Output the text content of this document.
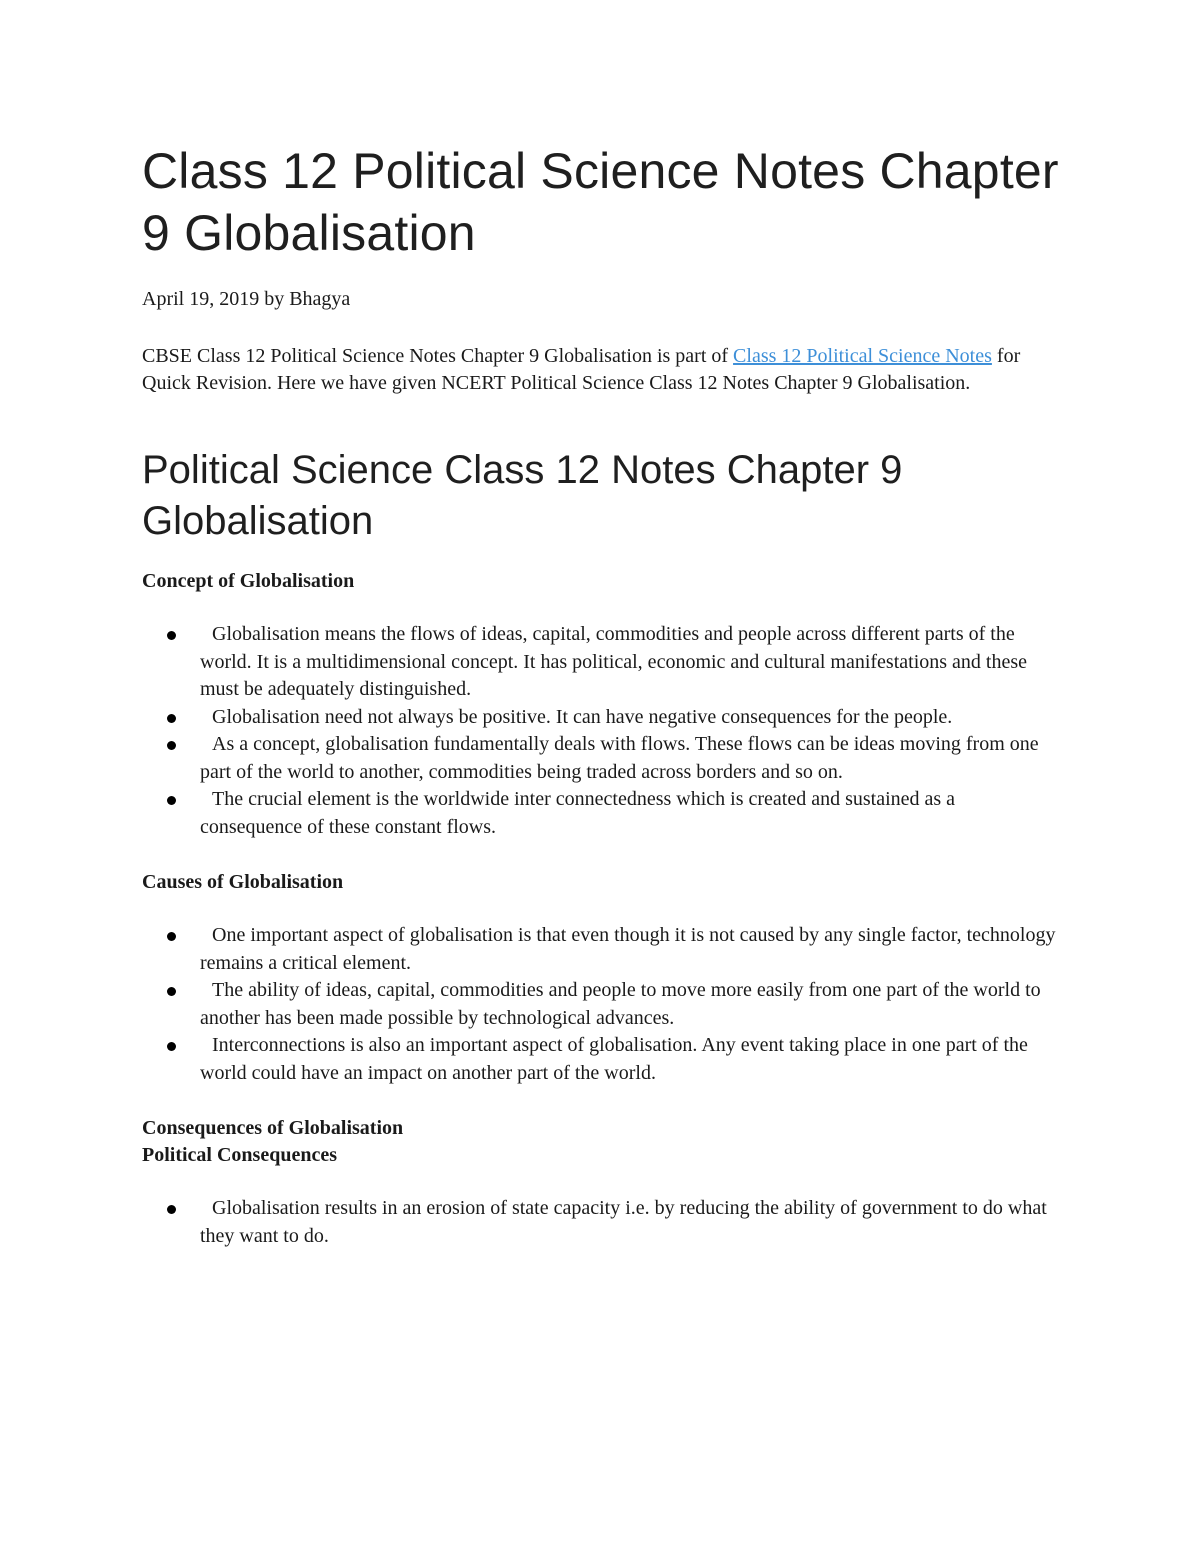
Class 12 Political Science Notes Chapter 9 Globalisation

April 19, 2019 by Bhagya

CBSE Class 12 Political Science Notes Chapter 9 Globalisation is part of Class 12 Political Science Notes for Quick Revision. Here we have given NCERT Political Science Class 12 Notes Chapter 9 Globalisation.

Political Science Class 12 Notes Chapter 9 Globalisation
Concept of Globalisation
Globalisation means the flows of ideas, capital, commodities and people across different parts of the world. It is a multidimensional concept. It has political, economic and cultural manifestations and these must be adequately distinguished.
Globalisation need not always be positive. It can have negative consequences for the people.
As a concept, globalisation fundamentally deals with flows. These flows can be ideas moving from one part of the world to another, commodities being traded across borders and so on.
The crucial element is the worldwide inter connectedness which is created and sustained as a consequence of these constant flows.
Causes of Globalisation
One important aspect of globalisation is that even though it is not caused by any single factor, technology remains a critical element.
The ability of ideas, capital, commodities and people to move more easily from one part of the world to another has been made possible by technological advances.
Interconnections is also an important aspect of globalisation. Any event taking place in one part of the world could have an impact on another part of the world.
Consequences of Globalisation
Political Consequences
Globalisation results in an erosion of state capacity i.e. by reducing the ability of government to do what they want to do.
